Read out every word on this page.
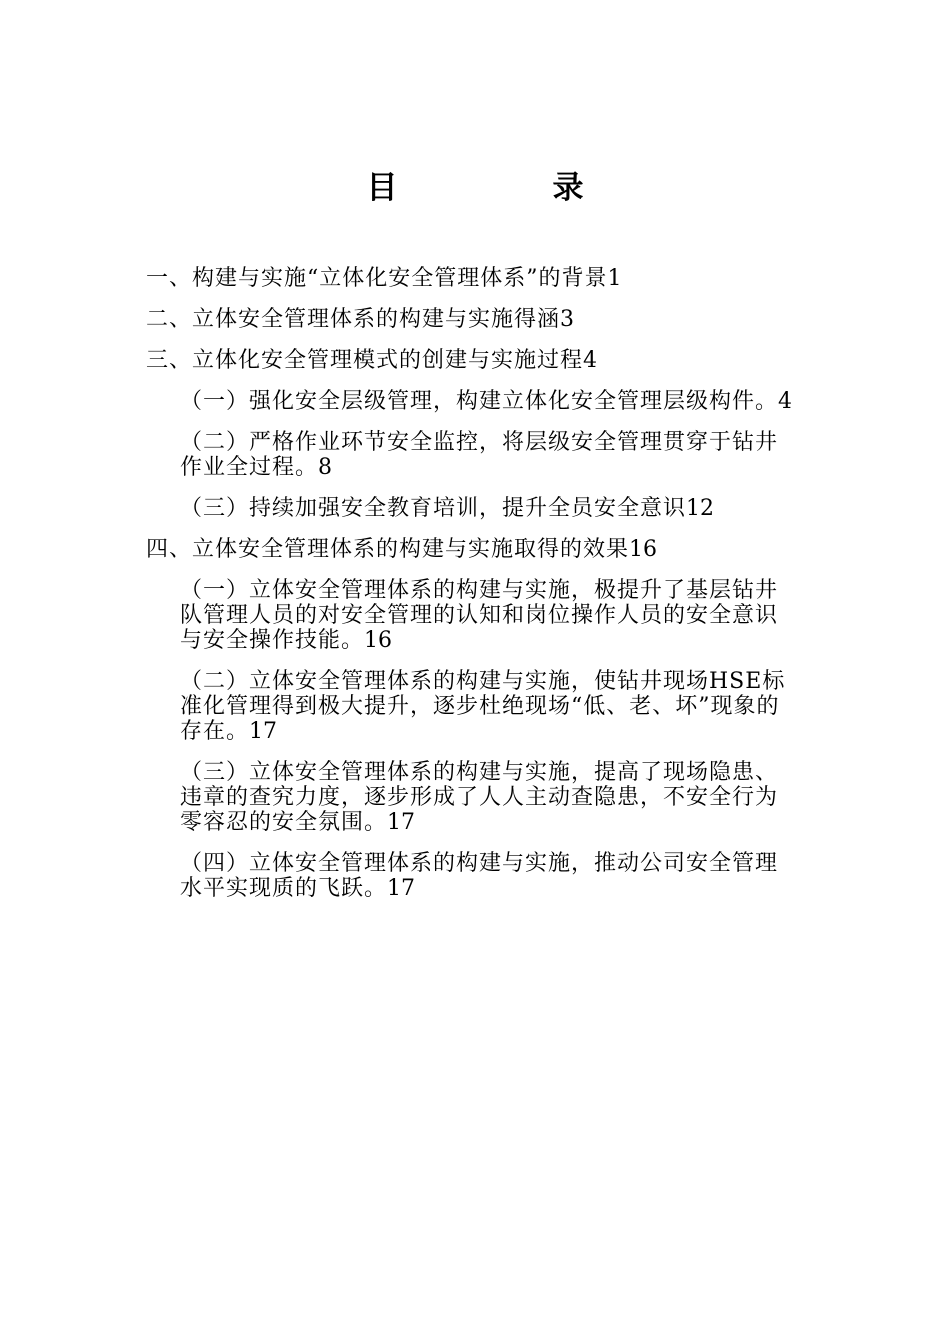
目　录
一、构建与实施“立体化安全管理体系”的背景1
二、立体安全管理体系的构建与实施得涵3
三、立体化安全管理模式的创建与实施过程4
（一）强化安全层级管理，构建立体化安全管理层级构件。4
（二）严格作业环节安全监控，将层级安全管理贯穿于钻井作业全过程。8
（三）持续加强安全教育培训，提升全员安全意识12
四、立体安全管理体系的构建与实施取得的效果16
（一）立体安全管理体系的构建与实施，极提升了基层钻井队管理人员的对安全管理的认知和岗位操作人员的安全意识与安全操作技能。16
（二）立体安全管理体系的构建与实施，使钻井现场HSE标准化管理得到极大提升，逐步杜绝现场“低、老、坏”现象的存在。17
（三）立体安全管理体系的构建与实施，提高了现场隐患、违章的查究力度，逐步形成了人人主动查隐患，不安全行为零容忍的安全氛围。17
（四）立体安全管理体系的构建与实施，推动公司安全管理水平实现质的飞跃。17
